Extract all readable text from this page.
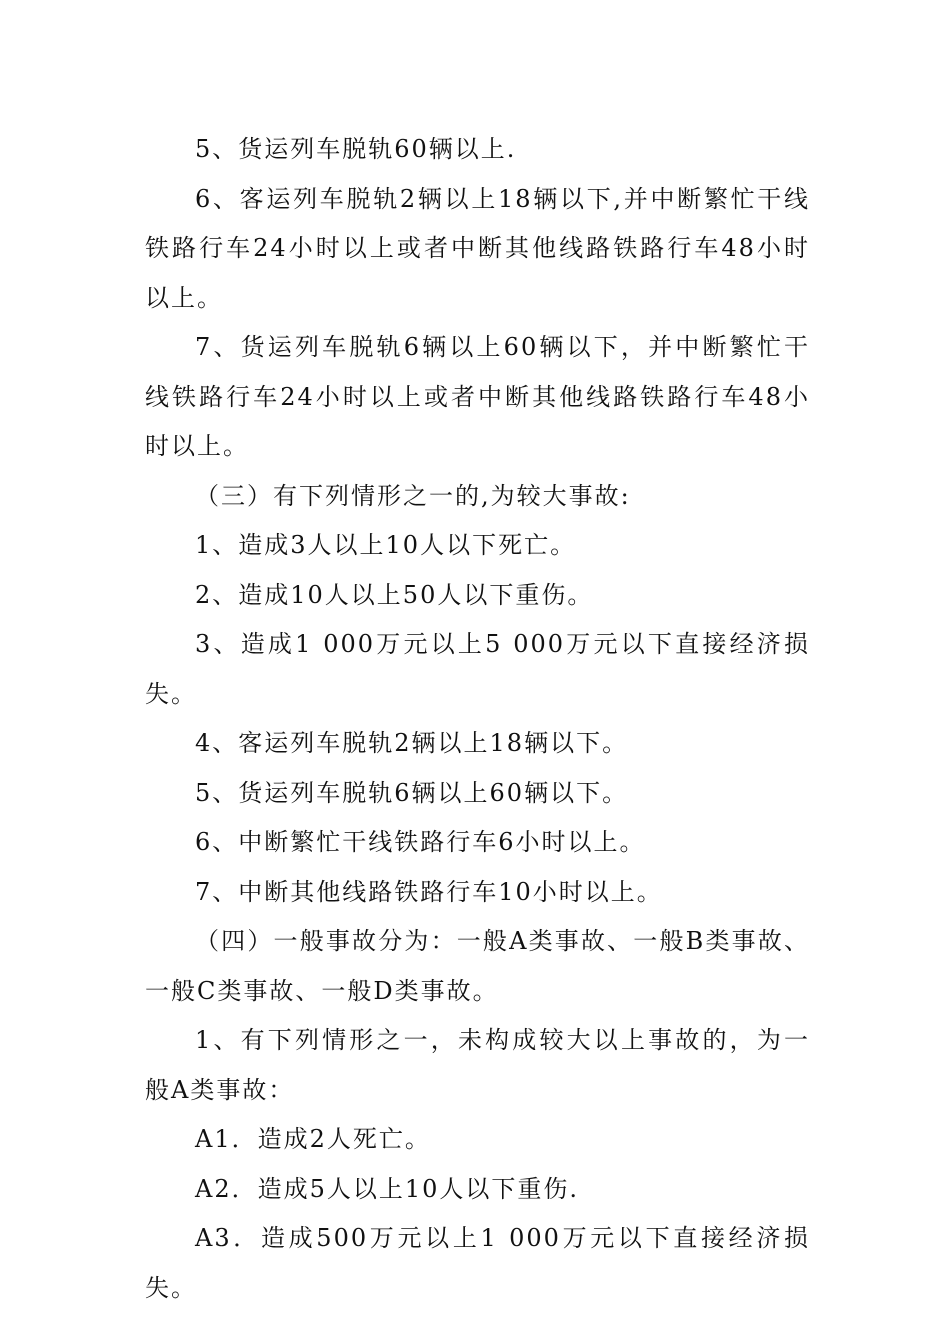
5、货运列车脱轨60辆以上.

6、客运列车脱轨2辆以上18辆以下,并中断繁忙干线铁路行车24小时以上或者中断其他线路铁路行车48小时以上。

7、货运列车脱轨6辆以上60辆以下，并中断繁忙干线铁路行车24小时以上或者中断其他线路铁路行车48小时以上。

（三）有下列情形之一的,为较大事故:

1、造成3人以上10人以下死亡。

2、造成10人以上50人以下重伤。

3、造成1 000万元以上5 000万元以下直接经济损失。

4、客运列车脱轨2辆以上18辆以下。

5、货运列车脱轨6辆以上60辆以下。

6、中断繁忙干线铁路行车6小时以上。

7、中断其他线路铁路行车10小时以上。

（四）一般事故分为：一般A类事故、一般B类事故、一般C类事故、一般D类事故。

1、有下列情形之一，未构成较大以上事故的，为一般A类事故：

A1．造成2人死亡。

A2．造成5人以上10人以下重伤.

A3．造成500万元以上1 000万元以下直接经济损失。
